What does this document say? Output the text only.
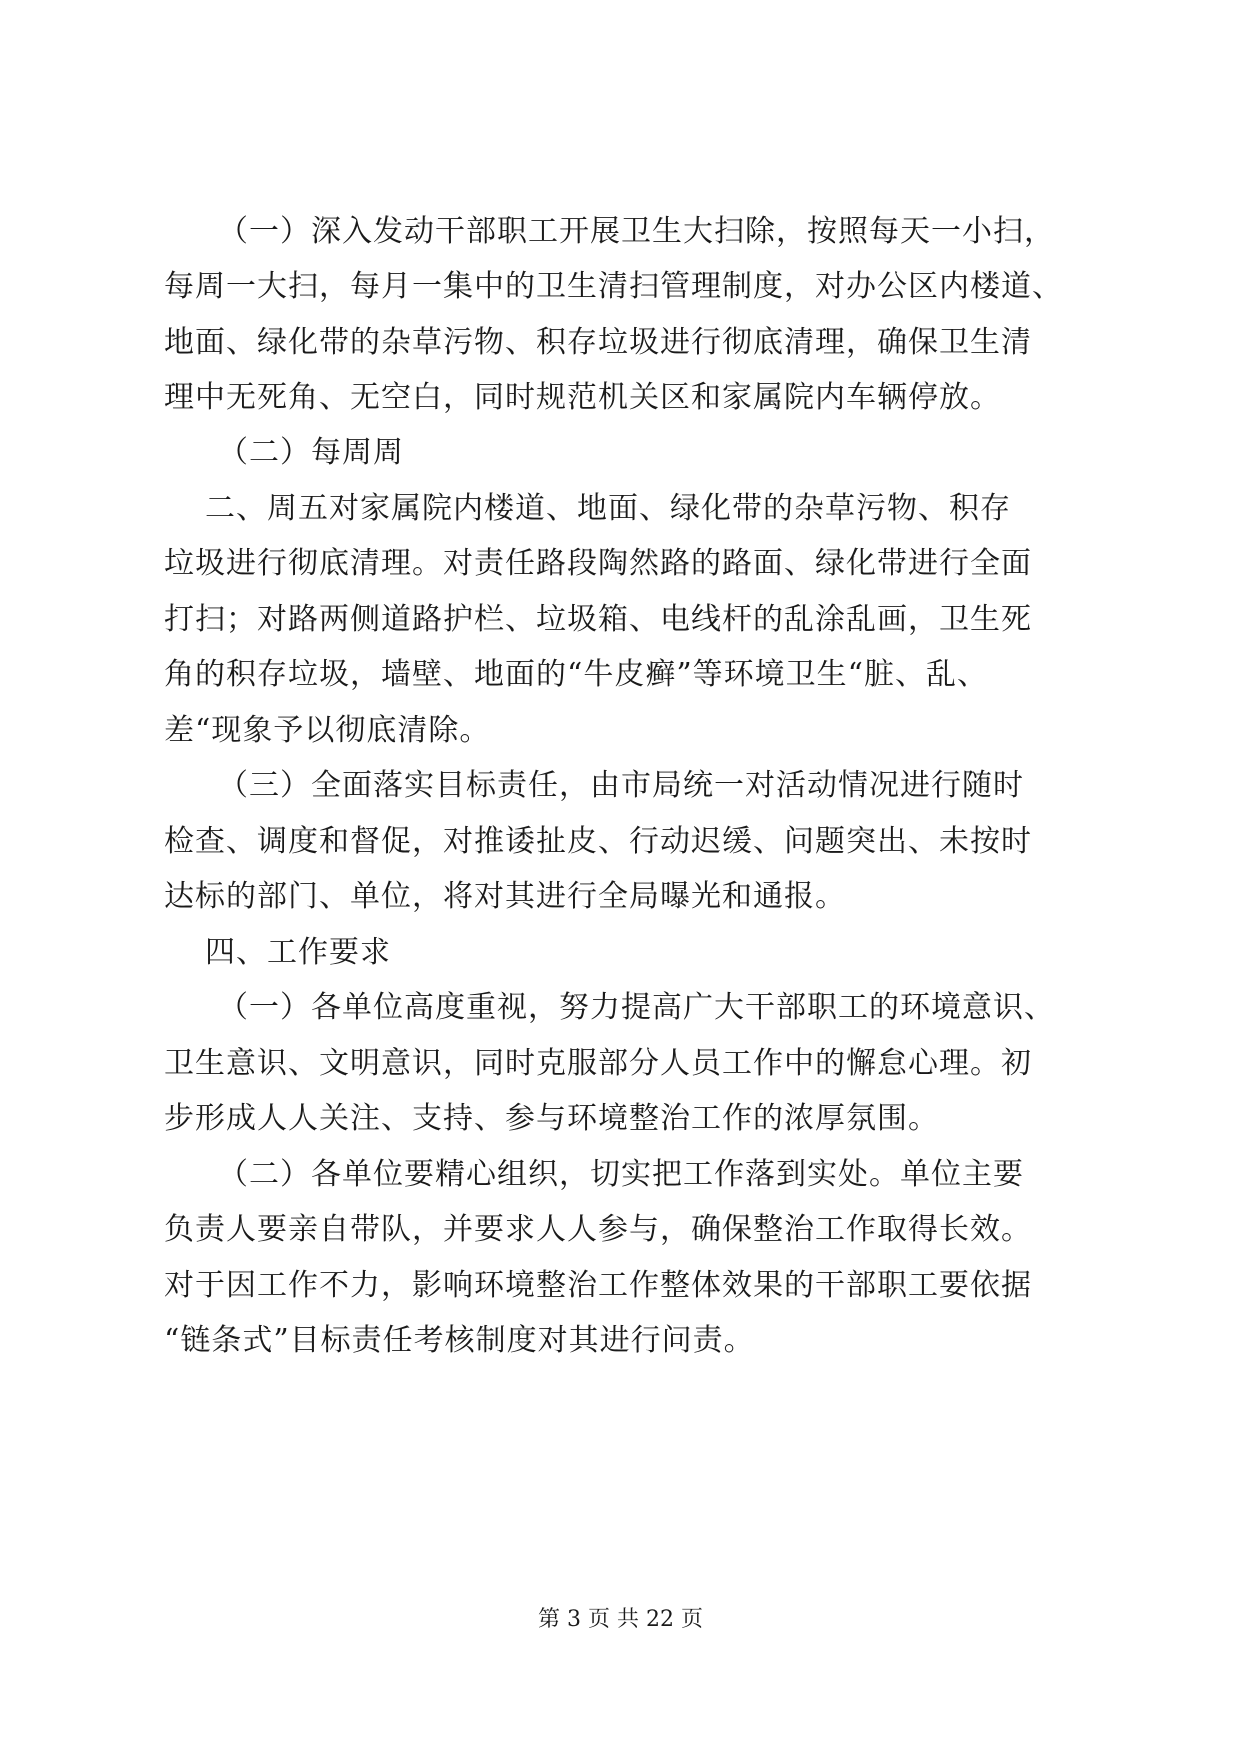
（一）深入发动干部职工开展卫生大扫除，按照每天一小扫，
每周一大扫，每月一集中的卫生清扫管理制度，对办公区内楼道、
地面、绿化带的杂草污物、积存垃圾进行彻底清理，确保卫生清
理中无死角、无空白，同时规范机关区和家属院内车辆停放。
（二）每周周
二、周五对家属院内楼道、地面、绿化带的杂草污物、积存
垃圾进行彻底清理。对责任路段陶然路的路面、绿化带进行全面
打扫；对路两侧道路护栏、垃圾箱、电线杆的乱涂乱画，卫生死
角的积存垃圾，墙壁、地面的“牛皮癣”等环境卫生“脏、乱、
差“现象予以彻底清除。
（三）全面落实目标责任，由市局统一对活动情况进行随时
检查、调度和督促，对推诿扯皮、行动迟缓、问题突出、未按时
达标的部门、单位，将对其进行全局曝光和通报。
四、工作要求
（一）各单位高度重视，努力提高广大干部职工的环境意识、
卫生意识、文明意识，同时克服部分人员工作中的懈怠心理。初
步形成人人关注、支持、参与环境整治工作的浓厚氛围。
（二）各单位要精心组织，切实把工作落到实处。单位主要
负责人要亲自带队，并要求人人参与，确保整治工作取得长效。
对于因工作不力，影响环境整治工作整体效果的干部职工要依据
“链条式”目标责任考核制度对其进行问责。
第 3 页 共 22 页
